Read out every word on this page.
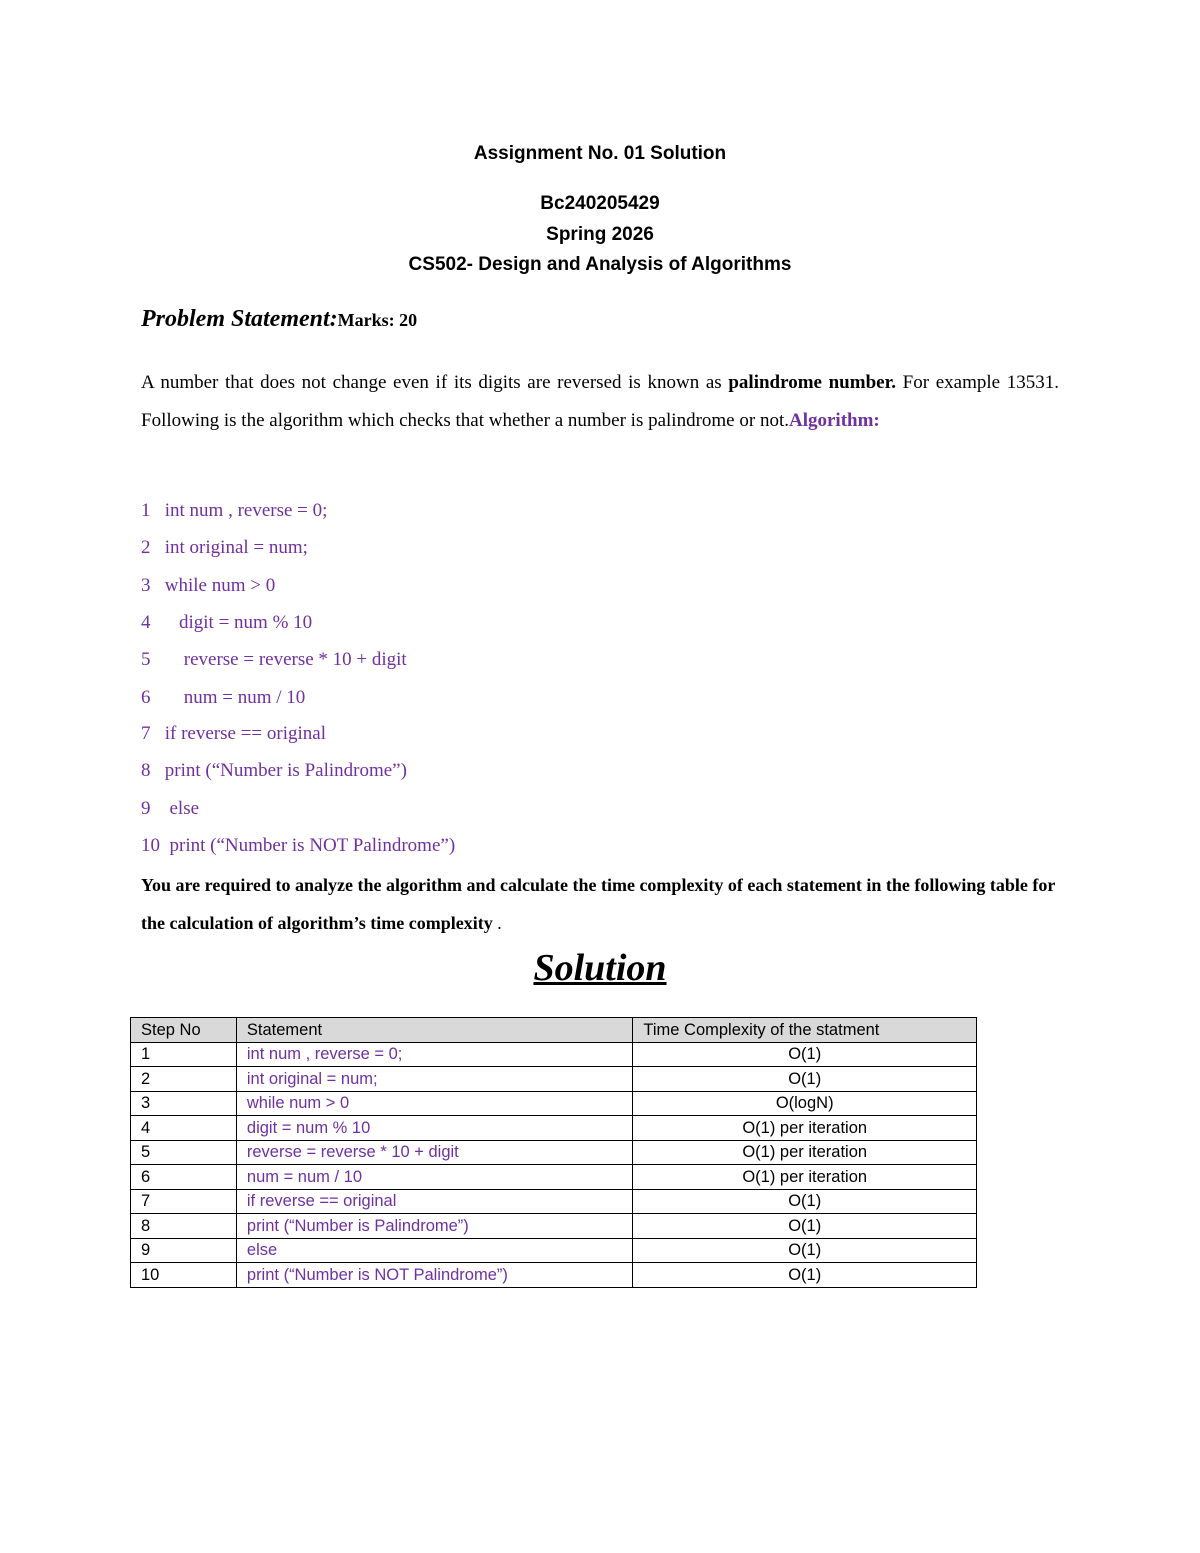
Assignment No. 01 Solution
Bc240205429
Spring 2026
CS502- Design and Analysis of Algorithms
Problem Statement:Marks: 20
A number that does not change even if its digits are reversed is known as palindrome number. For example 13531. Following is the algorithm which checks that whether a number is palindrome or not.Algorithm:
1   int num , reverse = 0;
2   int original = num;
3   while num > 0
4      digit = num % 10
5       reverse = reverse * 10 + digit
6       num = num / 10
7   if reverse == original
8   print (“Number is Palindrome”)
9    else
10  print (“Number is NOT Palindrome”)
You are required to analyze the algorithm and calculate the time complexity of each statement in the following table for the calculation of algorithm’s time complexity .
Solution
Step No	Statement	Time Complexity of the statment
1	int num , reverse = 0;	O(1)
2	int original = num;	O(1)
3	while num > 0	O(logN)
4	digit = num % 10	O(1) per iteration
5	reverse = reverse * 10 + digit	O(1) per iteration
6	num = num / 10	O(1) per iteration
7	if reverse == original	O(1)
8	print (“Number is Palindrome”)	O(1)
9	else	O(1)
10	print (“Number is NOT Palindrome”)	O(1)
